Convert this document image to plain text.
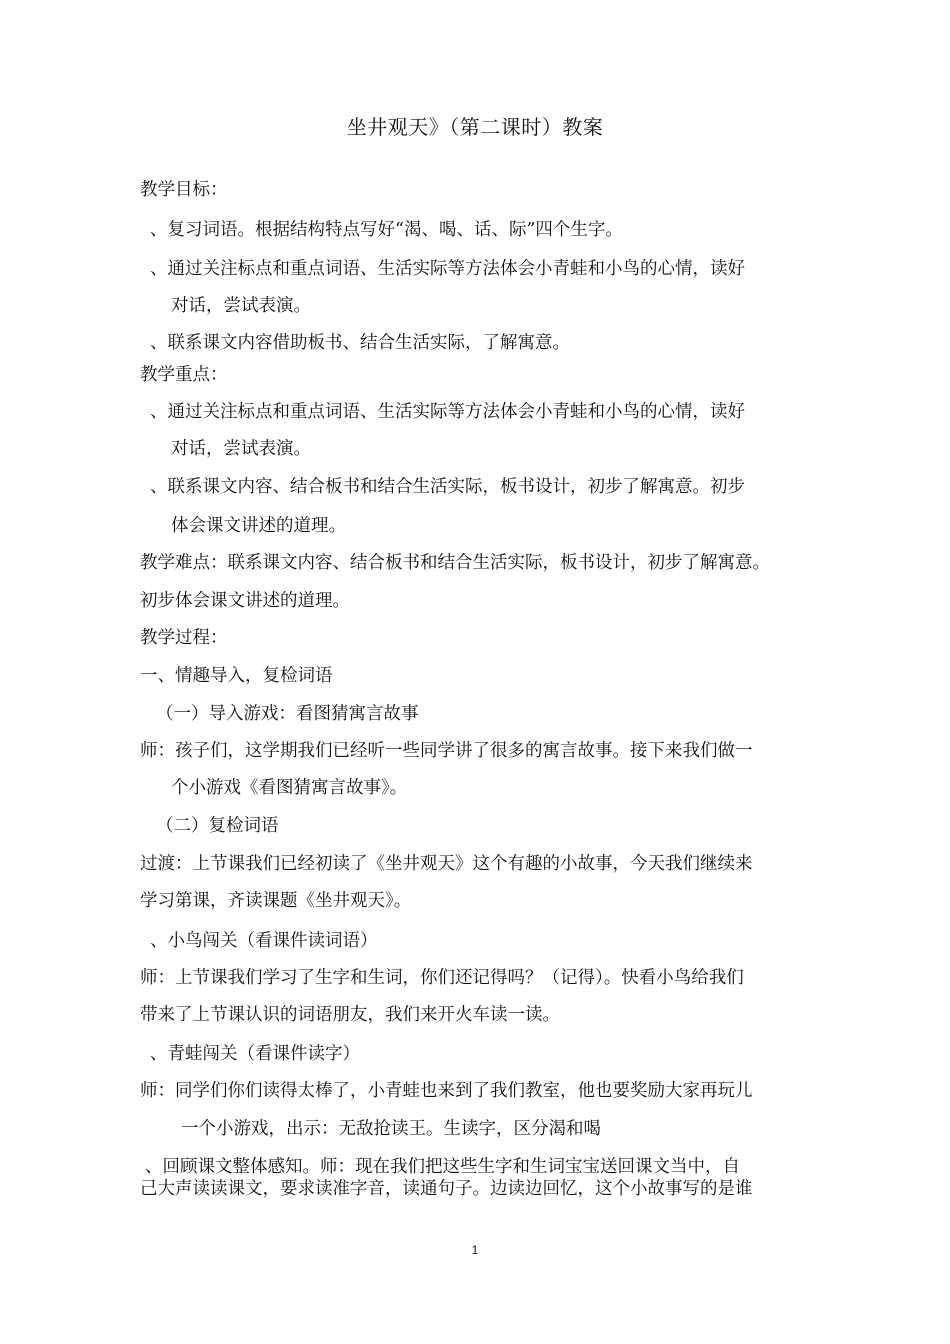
坐井观天》（第二课时）教案
教学目标：
、复习词语。根据结构特点写好“渴、喝、话、际”四个生字。
、通过关注标点和重点词语、生活实际等方法体会小青蛙和小鸟的心情，读好
对话，尝试表演。
、联系课文内容借助板书、结合生活实际，了解寓意。
教学重点：
、通过关注标点和重点词语、生活实际等方法体会小青蛙和小鸟的心情，读好
对话，尝试表演。
、联系课文内容、结合板书和结合生活实际，板书设计，初步了解寓意。初步
体会课文讲述的道理。
教学难点：联系课文内容、结合板书和结合生活实际，板书设计，初步了解寓意。
初步体会课文讲述的道理。
教学过程：
一、情趣导入，复检词语
（一）导入游戏：看图猜寓言故事
师：孩子们，这学期我们已经听一些同学讲了很多的寓言故事。接下来我们做一
个小游戏《看图猜寓言故事》。
（二）复检词语
过渡：上节课我们已经初读了《坐井观天》这个有趣的小故事，今天我们继续来
学习第课，齐读课题《坐井观天》。
、小鸟闯关（看课件读词语）
师：上节课我们学习了生字和生词，你们还记得吗？（记得）。快看小鸟给我们
带来了上节课认识的词语朋友，我们来开火车读一读。
、青蛙闯关（看课件读字）
师：同学们你们读得太棒了，小青蛙也来到了我们教室，他也要奖励大家再玩儿
一个小游戏，出示：无敌抢读王。生读字，区分渴和喝
、回顾课文整体感知。师：现在我们把这些生字和生词宝宝送回课文当中，自
己大声读读课文，要求读准字音，读通句子。边读边回忆，这个小故事写的是谁
1
